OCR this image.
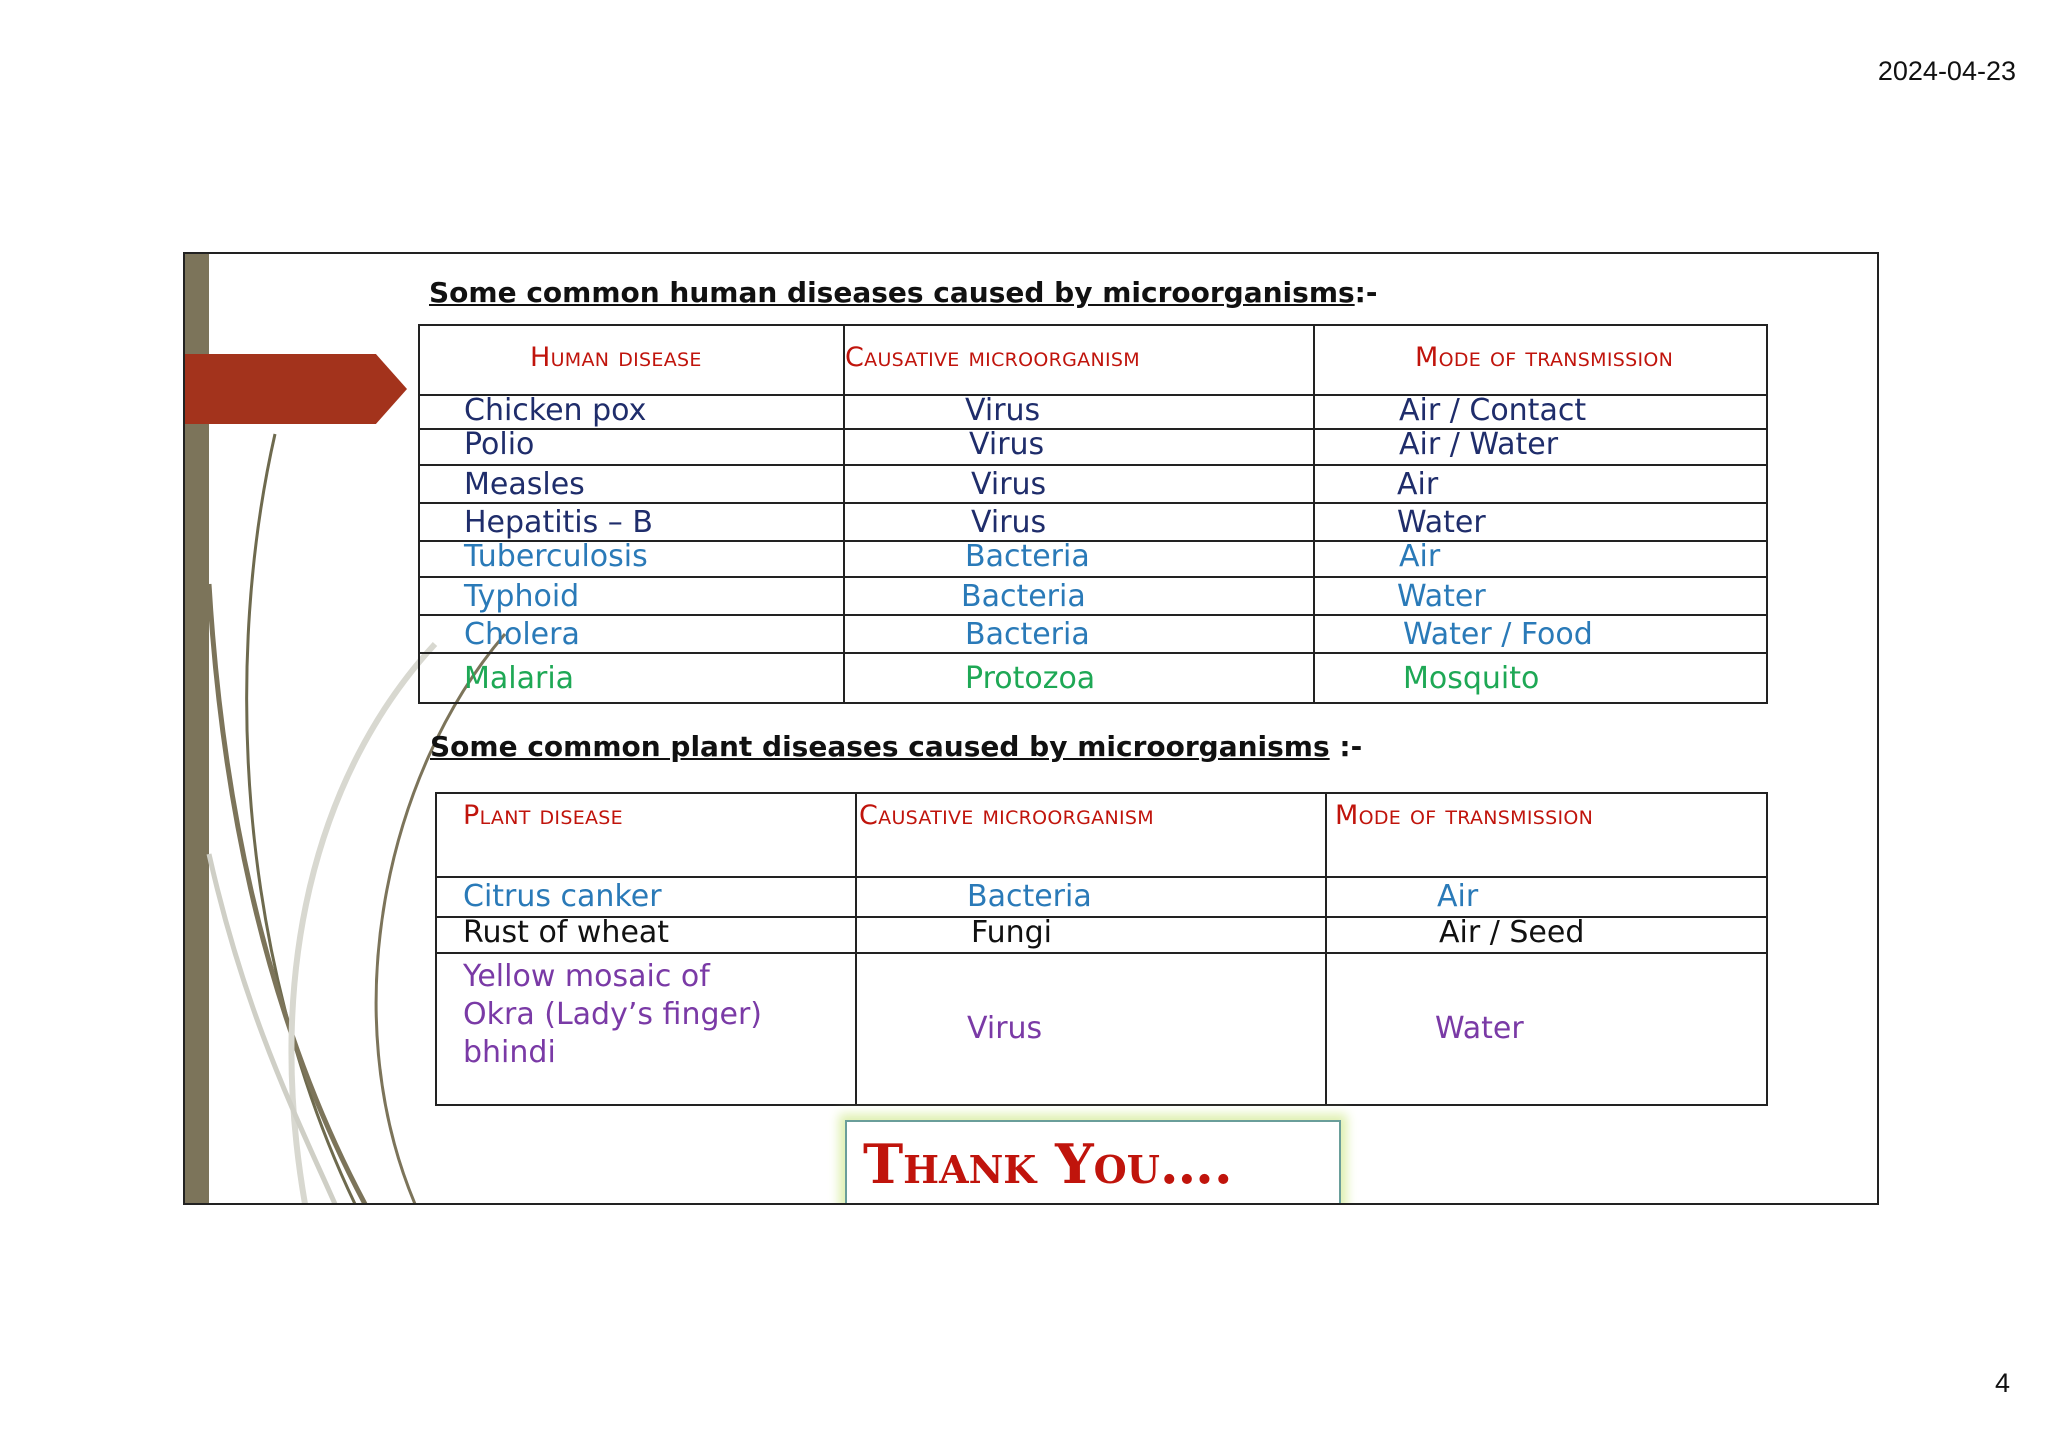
2024-04-23
Some common human diseases caused by microorganisms:-
Human disease	Causative microorganism	Mode of transmission
Chicken pox	Virus	Air / Contact
Polio	Virus	Air / Water
Measles	Virus	Air
Hepatitis – B	Virus	Water
Tuberculosis	Bacteria	Air
Typhoid	Bacteria	Water
Cholera	Bacteria	Water / Food
Malaria	Protozoa	Mosquito
Some common plant diseases caused by microorganisms :-
Plant disease	Causative microorganism	Mode of transmission
Citrus canker	Bacteria	Air
Rust of wheat	Fungi	Air / Seed

Yellow mosaic of
Okra (Lady’s finger)
bhindi	Virus	Water
Thank You….
4
